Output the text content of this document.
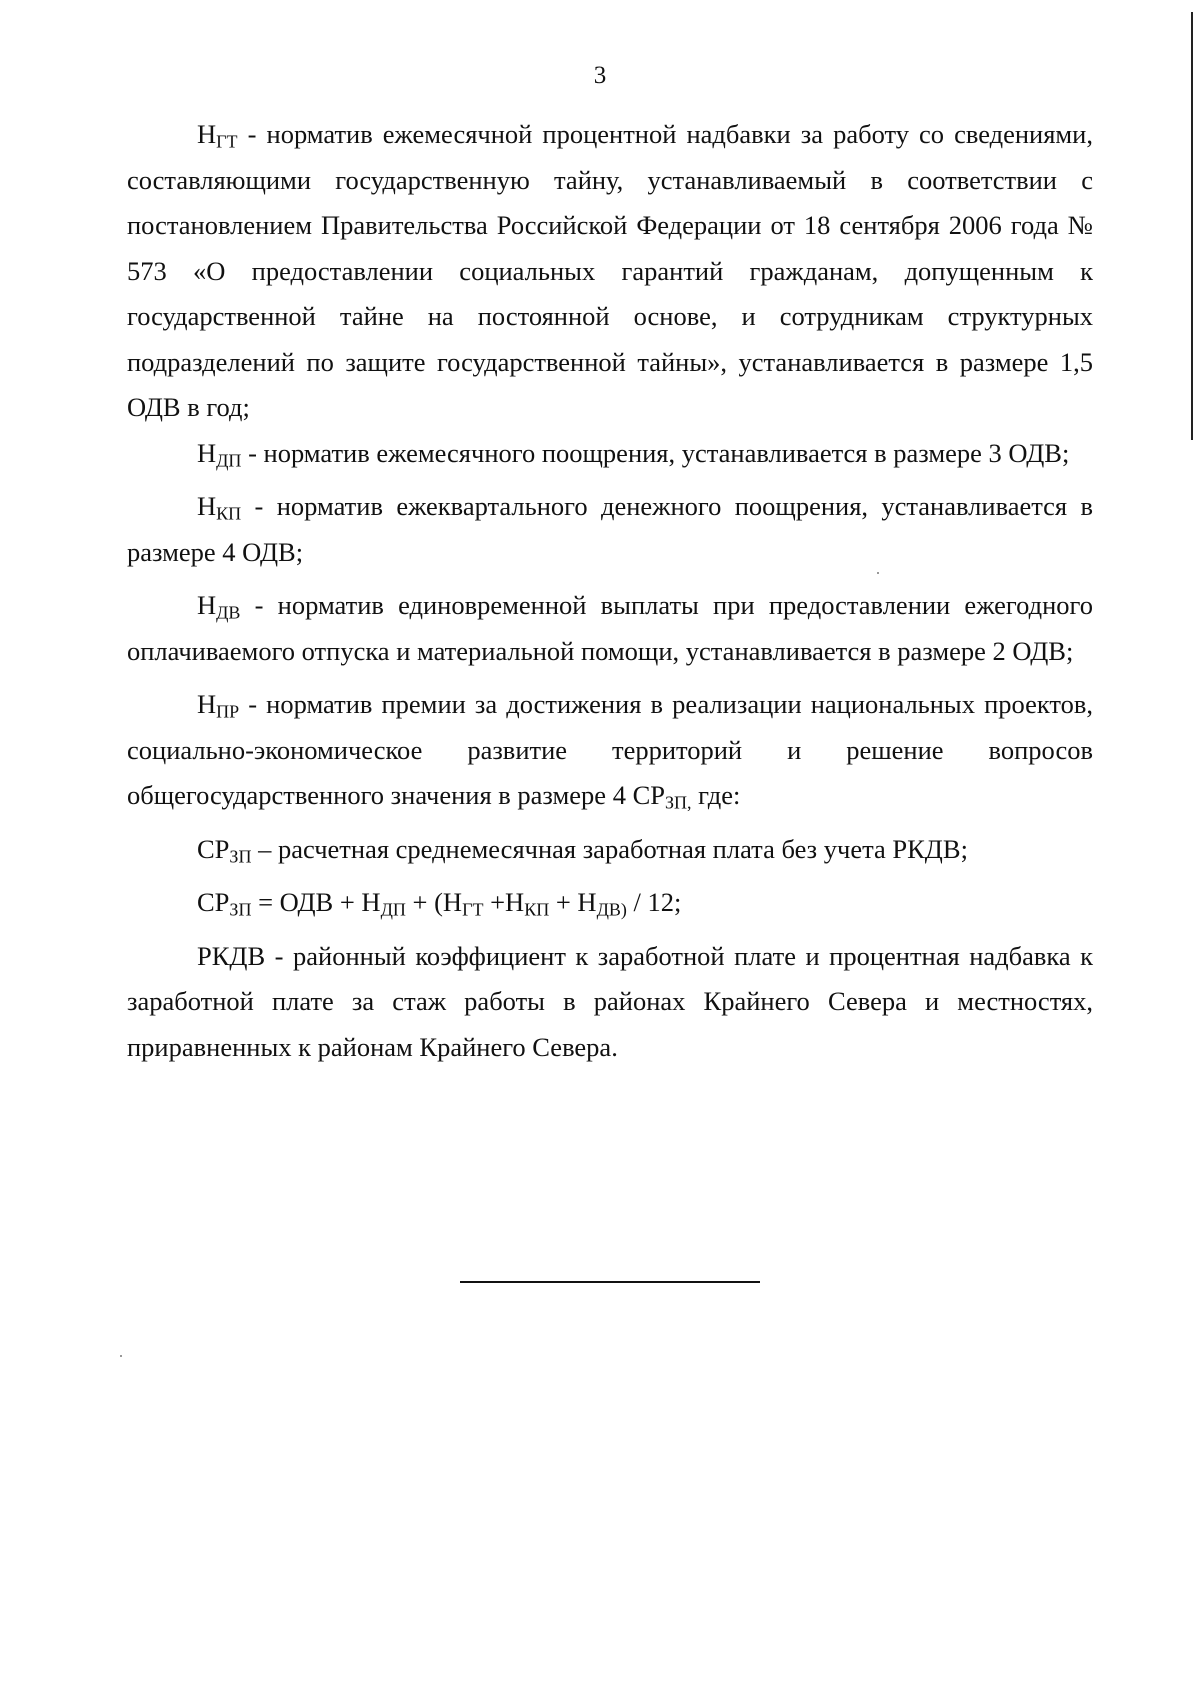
3

$Н_{ГТ}$ - норматив ежемесячной процентной надбавки за работу со сведениями, составляющими государственную тайну, устанавливаемый в соответствии с постановлением Правительства Российской Федерации от 18 сентября 2006 года № 573 «О предоставлении социальных гарантий гражданам, допущенным к государственной тайне на постоянной основе, и сотрудникам структурных подразделений по защите государственной тайны», устанавливается в размере 1,5 ОДВ в год;

$Н_{ДП}$ - норматив ежемесячного поощрения, устанавливается в размере 3 ОДВ;

$Н_{КП}$ - норматив ежеквартального денежного поощрения, устанавливается в размере 4 ОДВ;

$Н_{ДВ}$ - норматив единовременной выплаты при предоставлении ежегодного оплачиваемого отпуска и материальной помощи, устанавливается в размере 2 ОДВ;

$Н_{ПР}$ - норматив премии за достижения в реализации национальных проектов, социально-экономическое развитие территорий и решение вопросов общегосударственного значения в размере 4 $СР_{ЗП,}$ где:

$СР_{ЗП}$ – расчетная среднемесячная заработная плата без учета РКДВ;

$СР_{ЗП}$ = ОДВ + $Н_{ДП} + (Н_{ГТ} +Н_{КП} + Н_{ДВ)} / 12$;

РКДВ - районный коэффициент к заработной плате и процентная надбавка к заработной плате за стаж работы в районах Крайнего Севера и местностях, приравненных к районам Крайнего Севера.
